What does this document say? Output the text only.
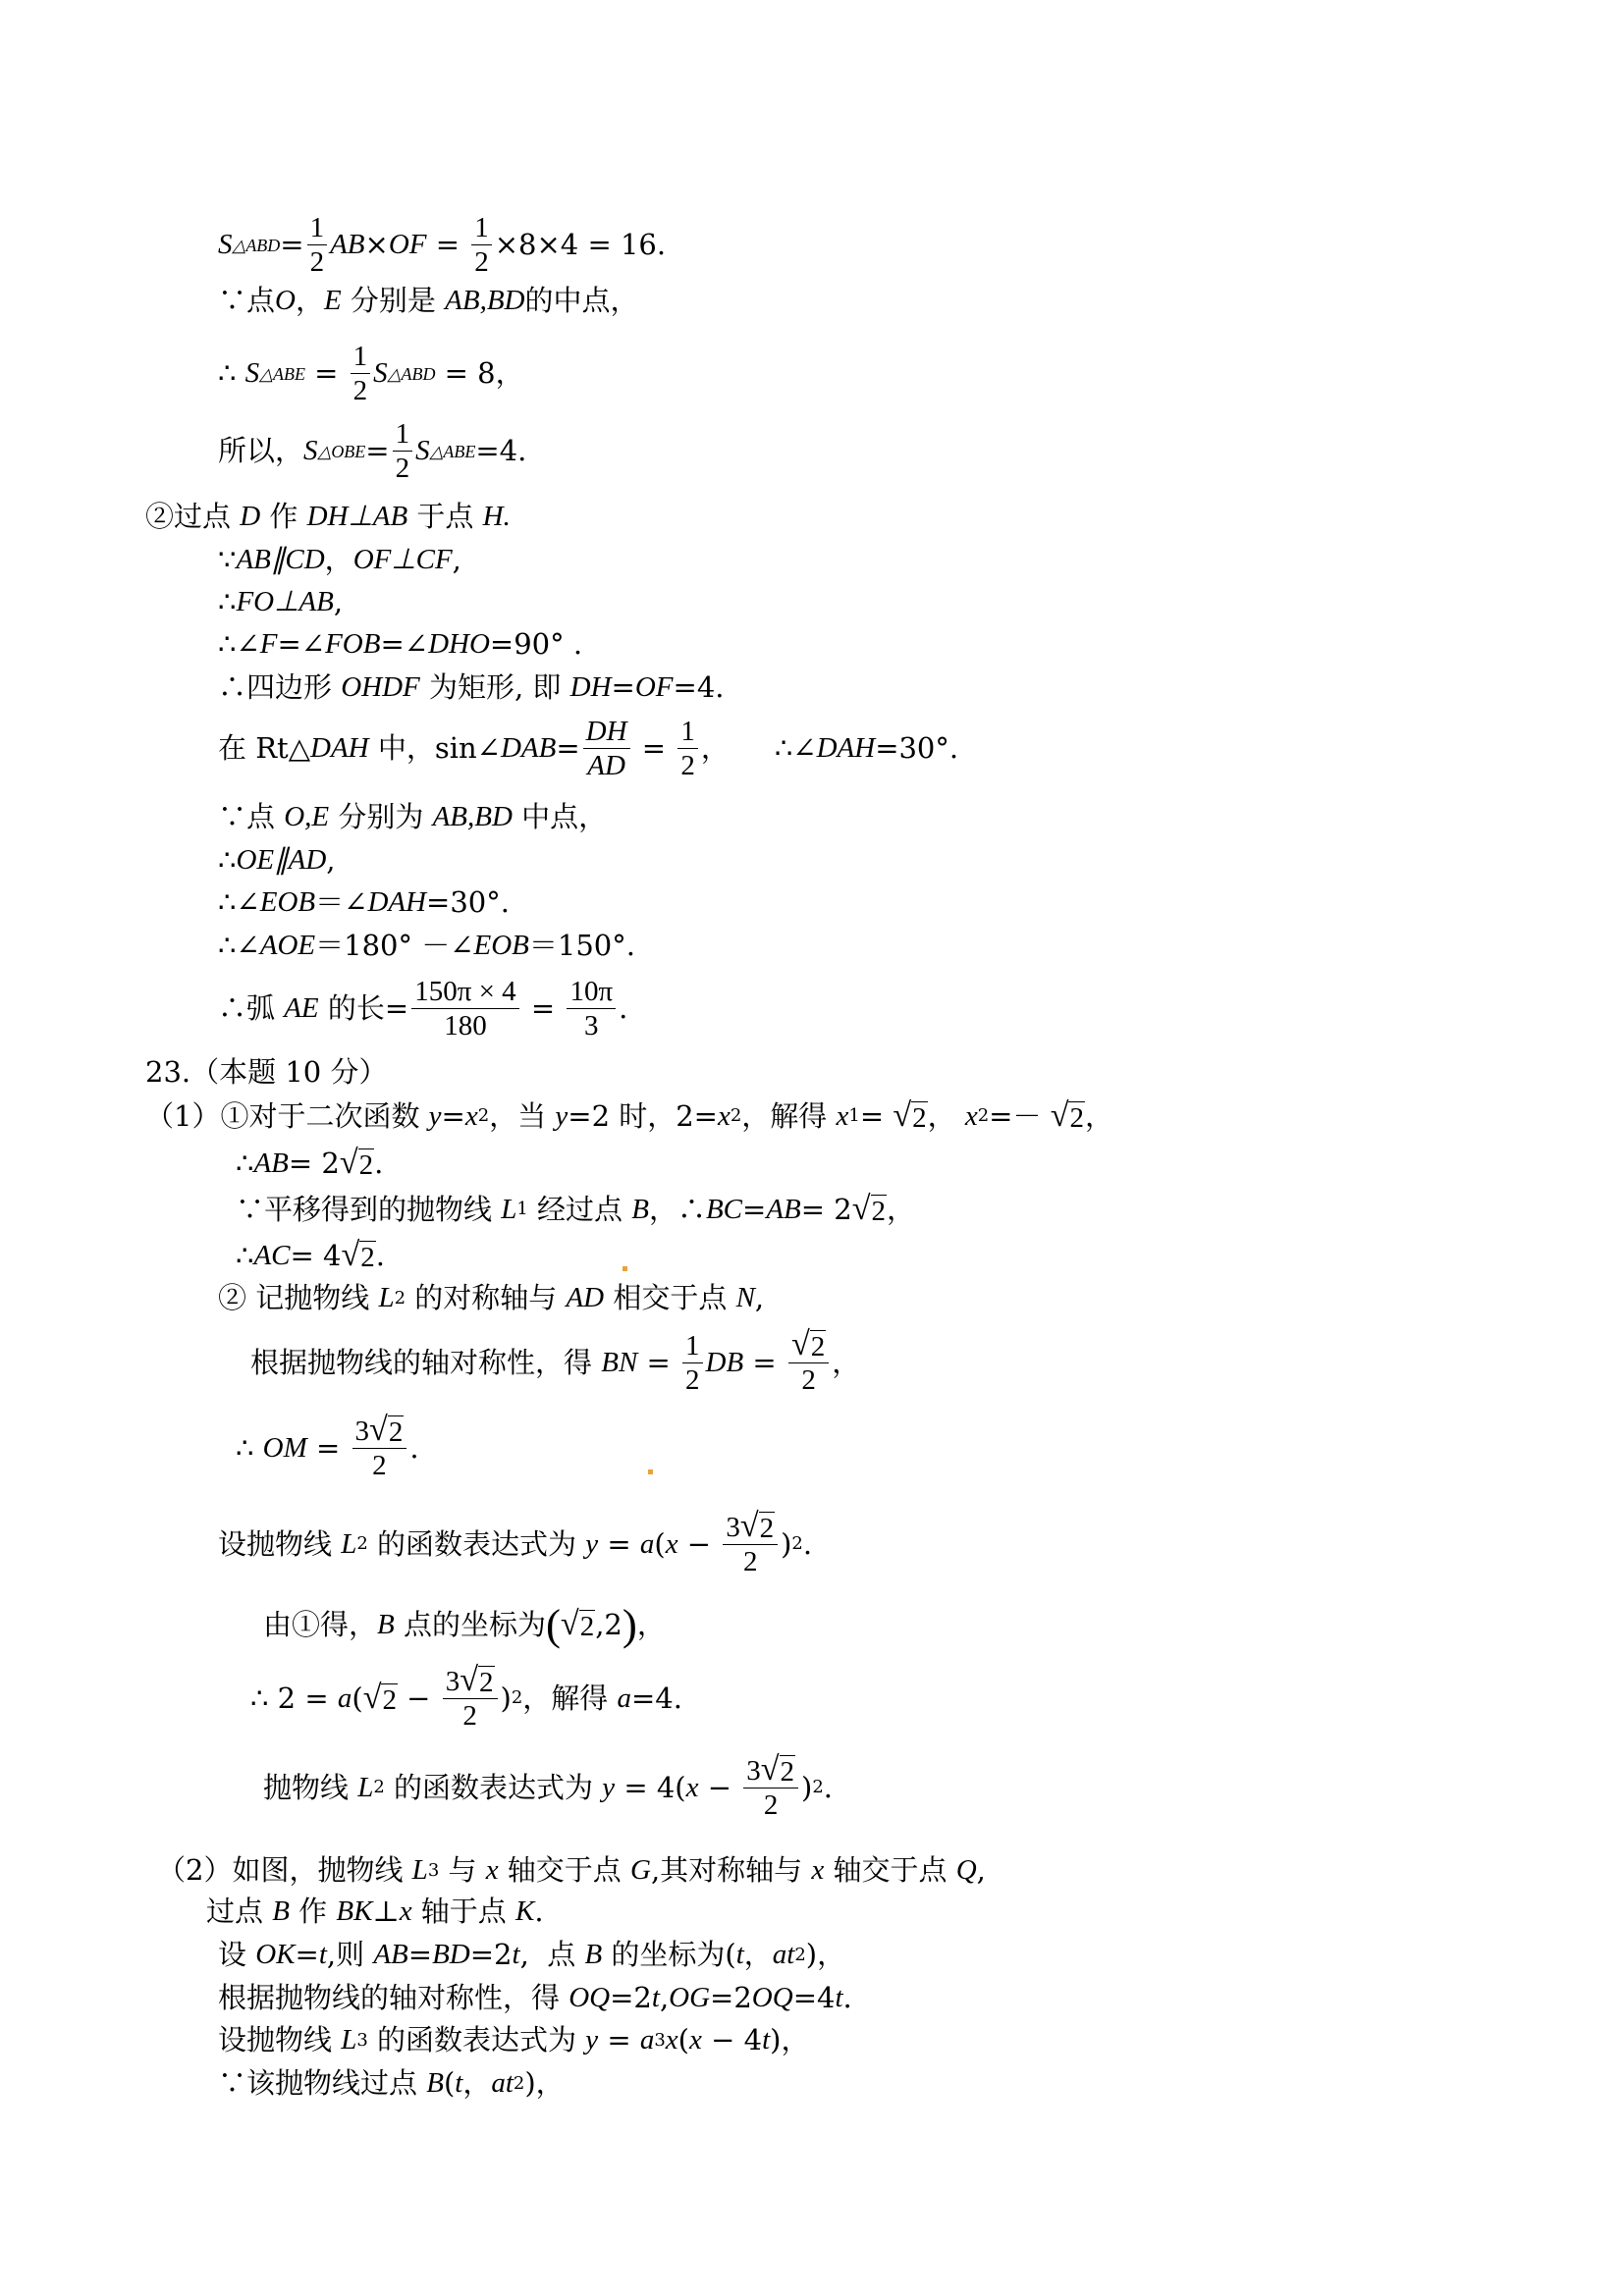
S △ABD = $\frac{1}{2}$ AB × OF = $\frac{1}{2} \times 8\times 4 = 16$.
∵点 O ， E 分别是 AB,BD 的中点，
∴ S △ABE = $\frac{1}{2}$ S △ABD = 8，
所以， S △OBE = $\frac{1}{2}$ S △ABE =4.
②过点 D 作 DH⊥AB 于点 H.
∵ AB∥CD ， OF⊥CF ,
∴ FO⊥AB ,
∴∠ F =∠ FOB =∠ DHO =90° .
∴四边形 OHDF 为矩形, 即 DH = OF =4.
在 Rt△ DAH 中，sin∠ DAB = $\frac{DH}{AD} = \frac{1}{2}$ ， ∴∠ DAH =30°.
∵点 O,E 分别为 AB,BD 中点，
∴ OE∥AD ,
∴∠ EOB ＝∠ DAH =30°.
∴∠ AOE ＝180° －∠ EOB ＝150°.
∴弧 AE 的长= $\frac{150\pi \times 4}{180} = \frac{10\pi}{3}$ .
23.（本题 10 分）
（1）①对于二次函数 y = x 2 ，当 y =2 时，2= x 2 ，解得 x 1 = √ 2 ， x 2 =－ √ 2 ，
∴ AB = 2 √ 2 .
∵平移得到的抛物线 L 1 经过点 B ，∴ BC = AB = 2 √ 2 ，
∴ AC = 4 √ 2 .
② 记抛物线 L 2 的对称轴与 AD 相交于点 N ,
根据抛物线的轴对称性，得 BN = $\frac{1}{2}$ DB = $\frac{√ 2}{2}$ ，
∴ OM = $\frac{3 √ 2}{2}$ .
设抛物线 L 2 的函数表达式为 y = a ( $x - \frac{3 √ 2}{2}$ ) 2 .
由①得， B 点的坐标为 ( √ 2 ,2 ) ，
∴ 2 = a ( √ $2 - \frac{3 √ 2}{2}$ ) 2 ，解得 a =4.
抛物线 L 2 的函数表达式为 y = 4( $x - \frac{3 √ 2}{2}$ ) 2 .
（2）如图，抛物线 L 3 与 x 轴交于点 G ,其对称轴与 x 轴交于点 Q ,
过点 B 作 BK ⊥ x 轴于点 K .
设 OK = t ,则 AB = BD =2 t ,  点 B 的坐标为( t ， at 2 )，
根据抛物线的轴对称性，得 OQ =2 t , OG =2 OQ =4 t .
设抛物线 L 3 的函数表达式为 y = a 3 x ( x − 4 t ) ，
∵该抛物线过点 B ( t ， at 2 )，
